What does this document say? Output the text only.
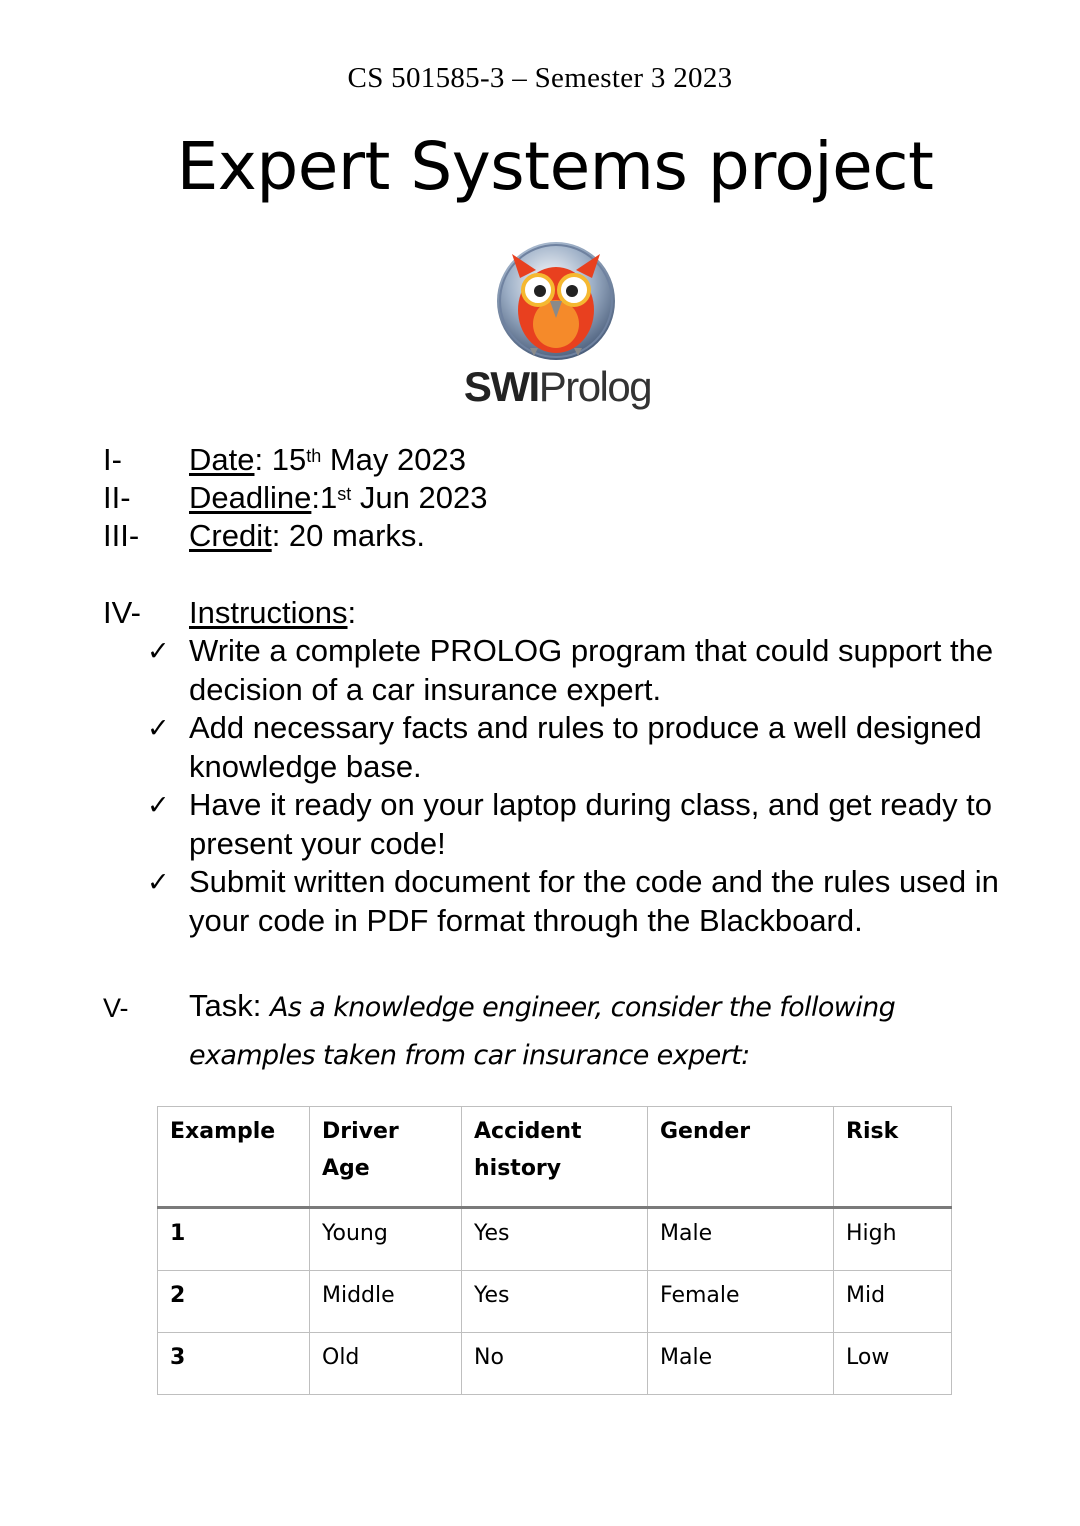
CS 501585-3 – Semester 3 2023
Expert Systems project
SWIProlog
I- Date: 15th May 2023
II- Deadline:1st Jun 2023
III- Credit: 20 marks.
IV- Instructions:
✓ Write a complete PROLOG program that could support the decision of a car insurance expert.
✓ Add necessary facts and rules to produce a well designed knowledge base.
✓ Have it ready on your laptop during class, and get ready to present your code!
✓ Submit written document for the code and the rules used in your code in PDF format through the Blackboard.
V- Task: As a knowledge engineer, consider the following
examples taken from car insurance expert:
Example	Driver Age	Accident history	Gender	Risk
1	Young	Yes	Male	High
2	Middle	Yes	Female	Mid
3	Old	No	Male	Low
